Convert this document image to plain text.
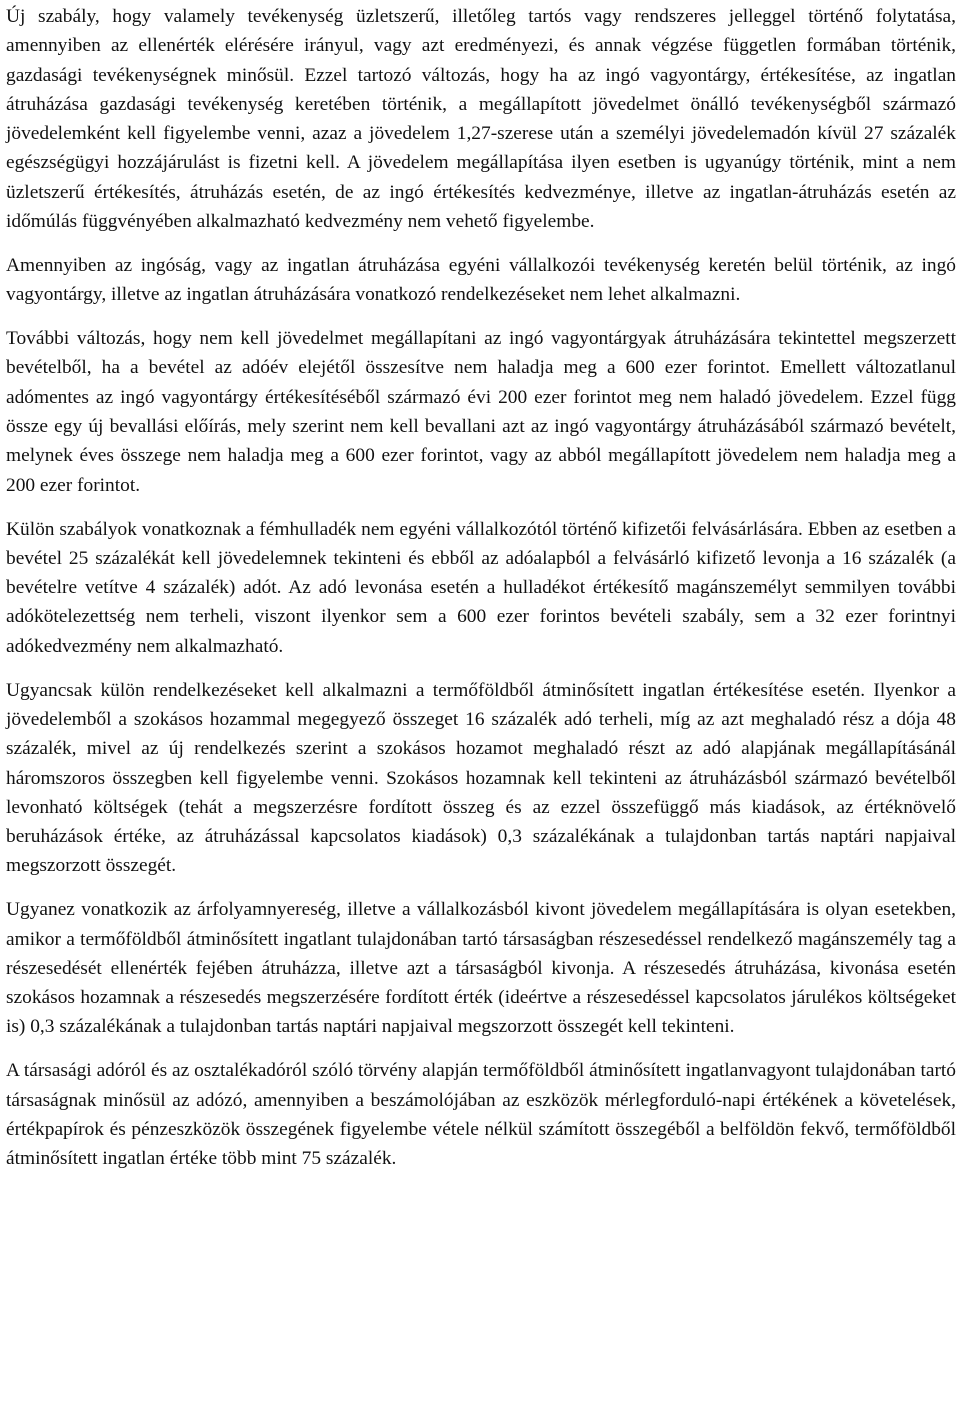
Új szabály, hogy valamely tevékenység üzletszerű, illetőleg tartós vagy rendszeres jelleggel történő folytatása, amennyiben az ellenérték elérésére irányul, vagy azt eredményezi, és annak végzése független formában történik, gazdasági tevékenységnek minősül. Ezzel tartozó változás, hogy ha az ingó vagyontárgy, értékesítése, az ingatlan átruházása gazdasági tevékenység keretében történik, a megállapított jövedelmet önálló tevékenységből származó jövedelemként kell figyelembe venni, azaz a jövedelem 1,27-szerese után a személyi jövedelemadón kívül 27 százalék egészségügyi hozzájárulást is fizetni kell. A jövedelem megállapítása ilyen esetben is ugyanúgy történik, mint a nem üzletszerű értékesítés, átruházás esetén, de az ingó értékesítés kedvezménye, illetve az ingatlan-átruházás esetén az időmúlás függvényében alkalmazható kedvezmény nem vehető figyelembe.

Amennyiben az ingóság, vagy az ingatlan átruházása egyéni vállalkozói tevékenység keretén belül történik, az ingó vagyontárgy, illetve az ingatlan átruházására vonatkozó rendelkezéseket nem lehet alkalmazni.

További változás, hogy nem kell jövedelmet megállapítani az ingó vagyontárgyak átruházására tekintettel megszerzett bevételből, ha a bevétel az adóév elejétől összesítve nem haladja meg a 600 ezer forintot. Emellett változatlanul adómentes az ingó vagyontárgy értékesítéséből származó évi 200 ezer forintot meg nem haladó jövedelem. Ezzel függ össze egy új bevallási előírás, mely szerint nem kell bevallani azt az ingó vagyontárgy átruházásából származó bevételt, melynek éves összege nem haladja meg a 600 ezer forintot, vagy az abból megállapított jövedelem nem haladja meg a 200 ezer forintot.

Külön szabályok vonatkoznak a fémhulladék nem egyéni vállalkozótól történő kifizetői felvásárlására. Ebben az esetben a bevétel 25 százalékát kell jövedelemnek tekinteni és ebből az adóalapból a felvásárló kifizető levonja a 16 százalék (a bevételre vetítve 4 százalék) adót. Az adó levonása esetén a hulladékot értékesítő magánszemélyt semmilyen további adókötelezettség nem terheli, viszont ilyenkor sem a 600 ezer forintos bevételi szabály, sem a 32 ezer forintnyi adókedvezmény nem alkalmazható.

Ugyancsak külön rendelkezéseket kell alkalmazni a termőföldből átminősített ingatlan értékesítése esetén. Ilyenkor a jövedelemből a szokásos hozammal megegyező összeget 16 százalék adó terheli, míg az azt meghaladó rész a dója 48 százalék, mivel az új rendelkezés szerint a szokásos hozamot meghaladó részt az adó alapjának megállapításánál háromszoros összegben kell figyelembe venni. Szokásos hozamnak kell tekinteni az átruházásból származó bevételből levonható költségek (tehát a megszerzésre fordított összeg és az ezzel összefüggő más kiadások, az értéknövelő beruházások értéke, az átruházással kapcsolatos kiadások) 0,3 százalékának a tulajdonban tartás naptári napjaival megszorzott összegét.

Ugyanez vonatkozik az árfolyamnyereség, illetve a vállalkozásból kivont jövedelem megállapítására is olyan esetekben, amikor a termőföldből átminősített ingatlant tulajdonában tartó társaságban részesedéssel rendelkező magánszemély tag a részesedését ellenérték fejében átruházza, illetve azt a társaságból kivonja. A részesedés átruházása, kivonása esetén szokásos hozamnak a részesedés megszerzésére fordított érték (ideértve a részesedéssel kapcsolatos járulékos költségeket is) 0,3 százalékának a tulajdonban tartás naptári napjaival megszorzott összegét kell tekinteni.

A társasági adóról és az osztalékadóról szóló törvény alapján termőföldből átminősített ingatlanvagyont tulajdonában tartó társaságnak minősül az adózó, amennyiben a beszámolójában az eszközök mérlegforduló-napi értékének a követelések, értékpapírok és pénzeszközök összegének figyelembe vétele nélkül számított összegéből a belföldön fekvő, termőföldből átminősített ingatlan értéke több mint 75 százalék.
